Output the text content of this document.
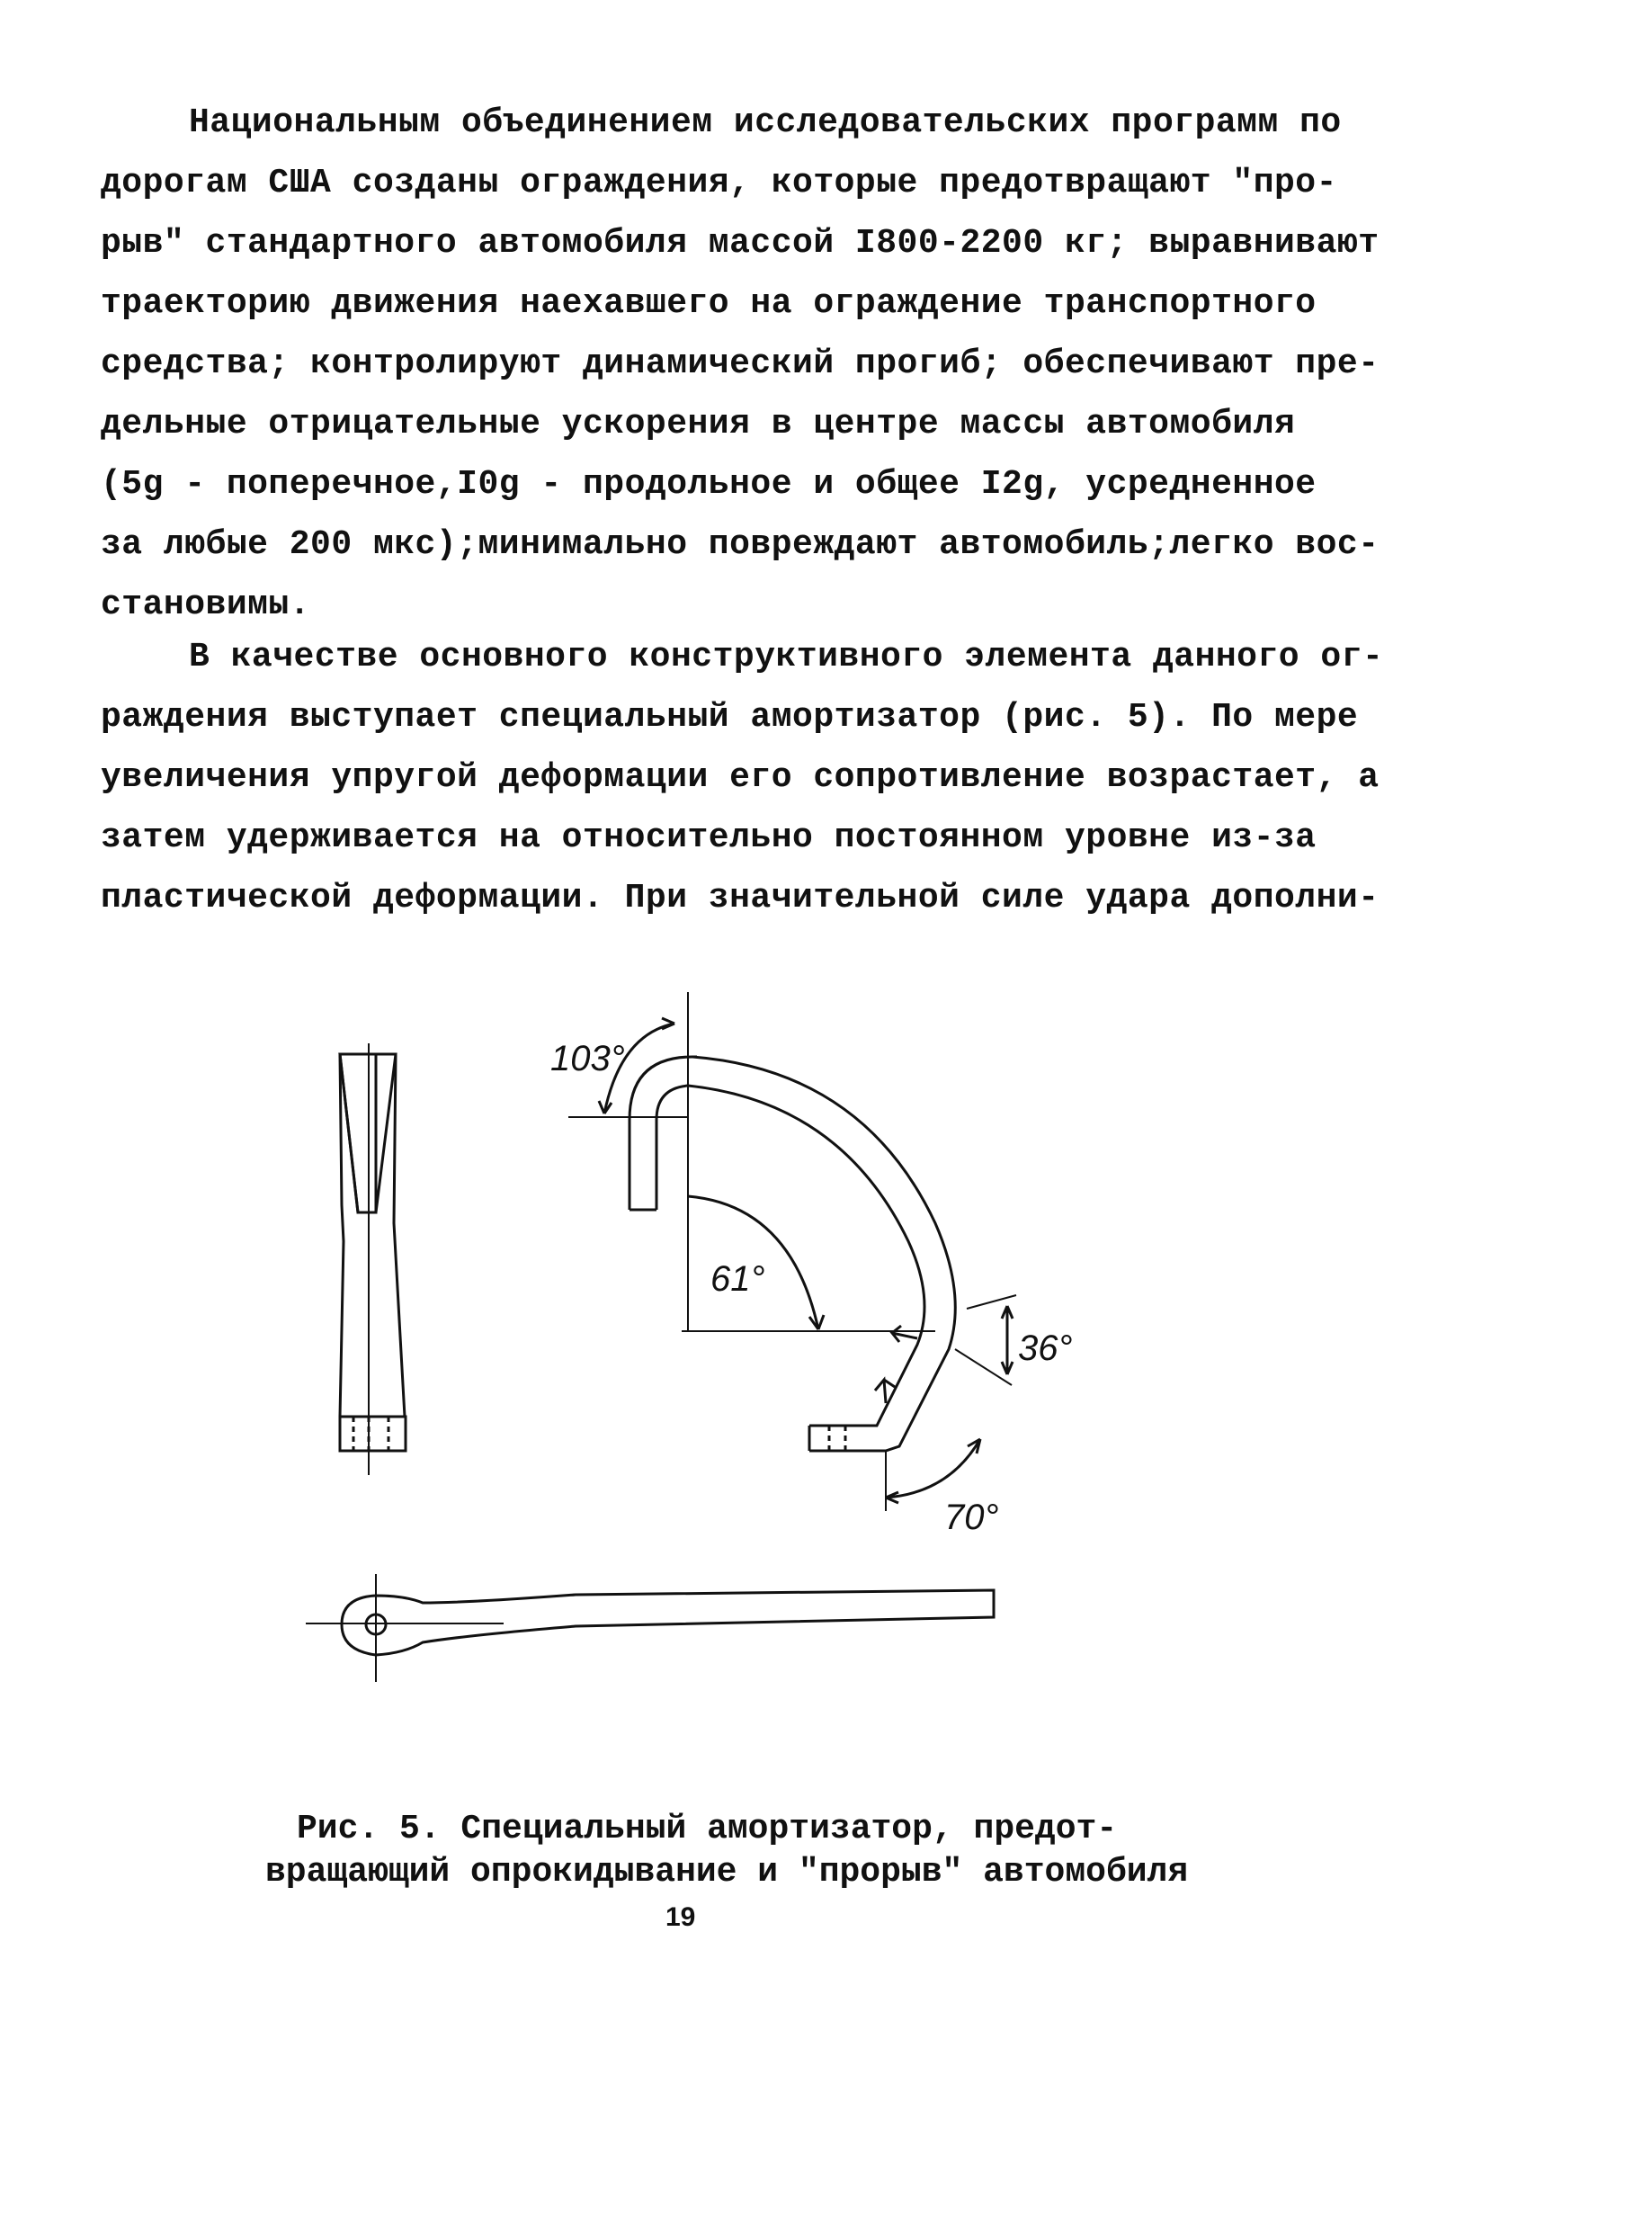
Национальным объединением исследовательских программ по
дорогам США созданы ограждения, которые предотвращают "про-
рыв" стандартного автомобиля массой I800-2200 кг; выравнивают
траекторию движения наехавшего на ограждение транспортного
средства; контролируют динамический прогиб; обеспечивают пре-
дельные отрицательные ускорения в центре массы автомобиля
(5g - поперечное,I0g - продольное и общее I2g, усредненное
за любые 200 мкс);минимально повреждают автомобиль;легко вос-
становимы.
В качестве основного конструктивного элемента данного ог-
раждения выступает специальный амортизатор (рис. 5). По мере
увеличения упругой деформации его сопротивление возрастает, а
затем удерживается на относительно постоянном уровне из-за
пластической деформации. При значительной силе удара дополни-
103°
61°
36°
70°
Рис. 5. Специальный амортизатор, предот-
вращающий опрокидывание и "прорыв" автомобиля
19
